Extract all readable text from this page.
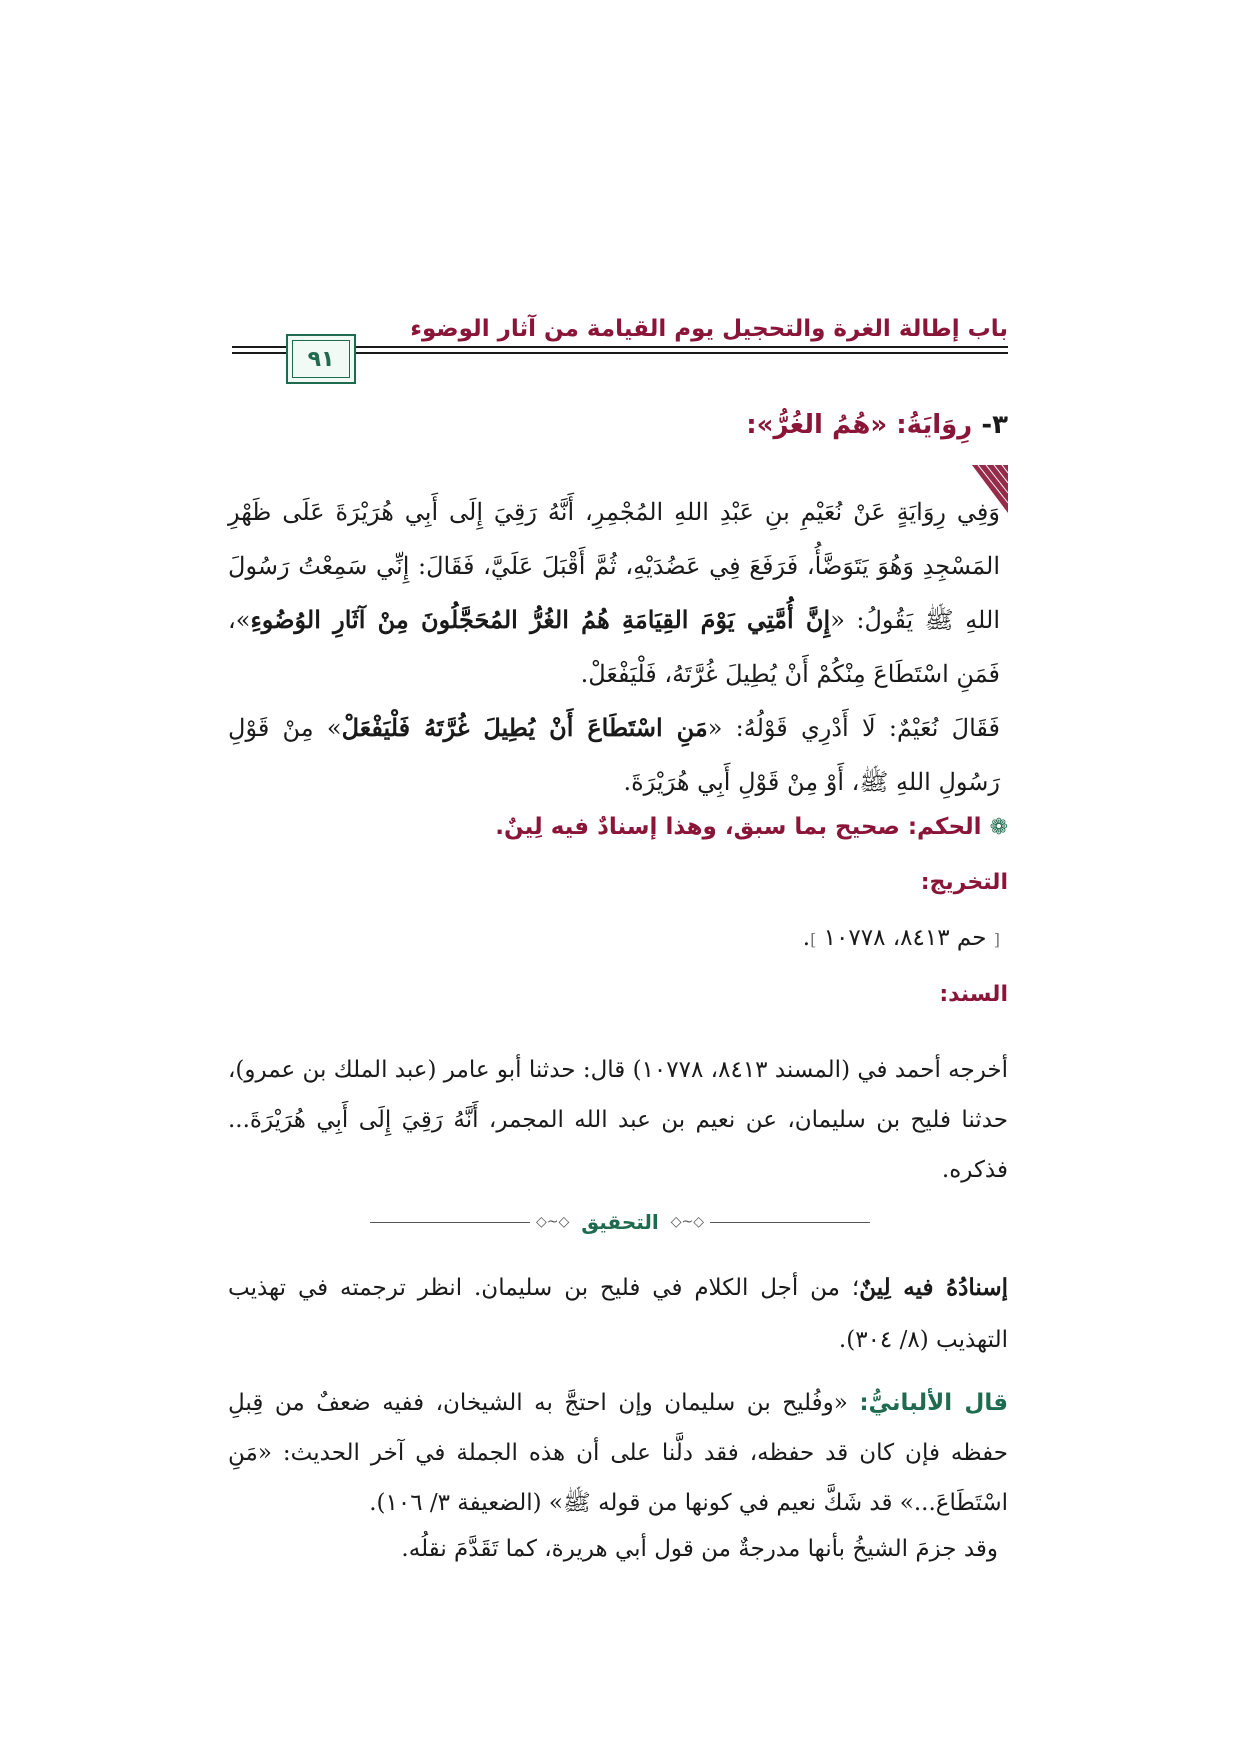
باب إطالة الغرة والتحجيل يوم القيامة من آثار الوضوء
٩١
٣- رِوَايَةُ: «هُمُ الغُرُّ»:

وَفِي رِوَايَةٍ عَنْ نُعَيْمِ بنِ عَبْدِ اللهِ المُجْمِرِ، أَنَّهُ رَقِيَ إِلَى أَبِي هُرَيْرَةَ عَلَى ظَهْرِ المَسْجِدِ وَهُوَ يَتَوَضَّأُ، فَرَفَعَ فِي عَضُدَيْهِ، ثُمَّ أَقْبَلَ عَلَيَّ، فَقَالَ: إِنِّي سَمِعْتُ رَسُولَ اللهِ ﷺ يَقُولُ: «إِنَّ أُمَّتِي يَوْمَ القِيَامَةِ هُمُ الغُرُّ المُحَجَّلُونَ مِنْ آثَارِ الوُضُوءِ»، فَمَنِ اسْتَطَاعَ مِنْكُمْ أَنْ يُطِيلَ غُرَّتَهُ، فَلْيَفْعَلْ.

فَقَالَ نُعَيْمٌ: لَا أَدْرِي قَوْلُهُ: «مَنِ اسْتَطَاعَ أَنْ يُطِيلَ غُرَّتَهُ فَلْيَفْعَلْ» مِنْ قَوْلِ رَسُولِ اللهِ ﷺ، أَوْ مِنْ قَوْلِ أَبِي هُرَيْرَةَ.

❁ الحكم: صحيح بما سبق، وهذا إسنادٌ فيه لِينٌ.
التخريج:
[ حم ٨٤١٣، ١٠٧٧٨ ].
السند:
أخرجه أحمد في (المسند ٨٤١٣، ١٠٧٧٨) قال: حدثنا أبو عامر (عبد الملك بن عمرو)، حدثنا فليح بن سليمان، عن نعيم بن عبد الله المجمر، أَنَّهُ رَقِيَ إِلَى أَبِي هُرَيْرَةَ... فذكره.
◇~◇
التحقيق
◇~◇
إسنادُهُ فيه لِينٌ؛ من أجل الكلام في فليح بن سليمان. انظر ترجمته في تهذيب التهذيب (٨/ ٣٠٤).
قال الألبانيُّ: «وفُليح بن سليمان وإن احتجَّ به الشيخان، ففيه ضعفٌ من قِبلِ حفظه فإن كان قد حفظه، فقد دلَّنا على أن هذه الجملة في آخر الحديث: «مَنِ اسْتَطَاعَ...» قد شَكَّ نعيم في كونها من قوله ﷺ» (الضعيفة ٣/ ١٠٦).
وقد جزمَ الشيخُ بأنها مدرجةٌ من قول أبي هريرة، كما تَقَدَّمَ نقلُه.
